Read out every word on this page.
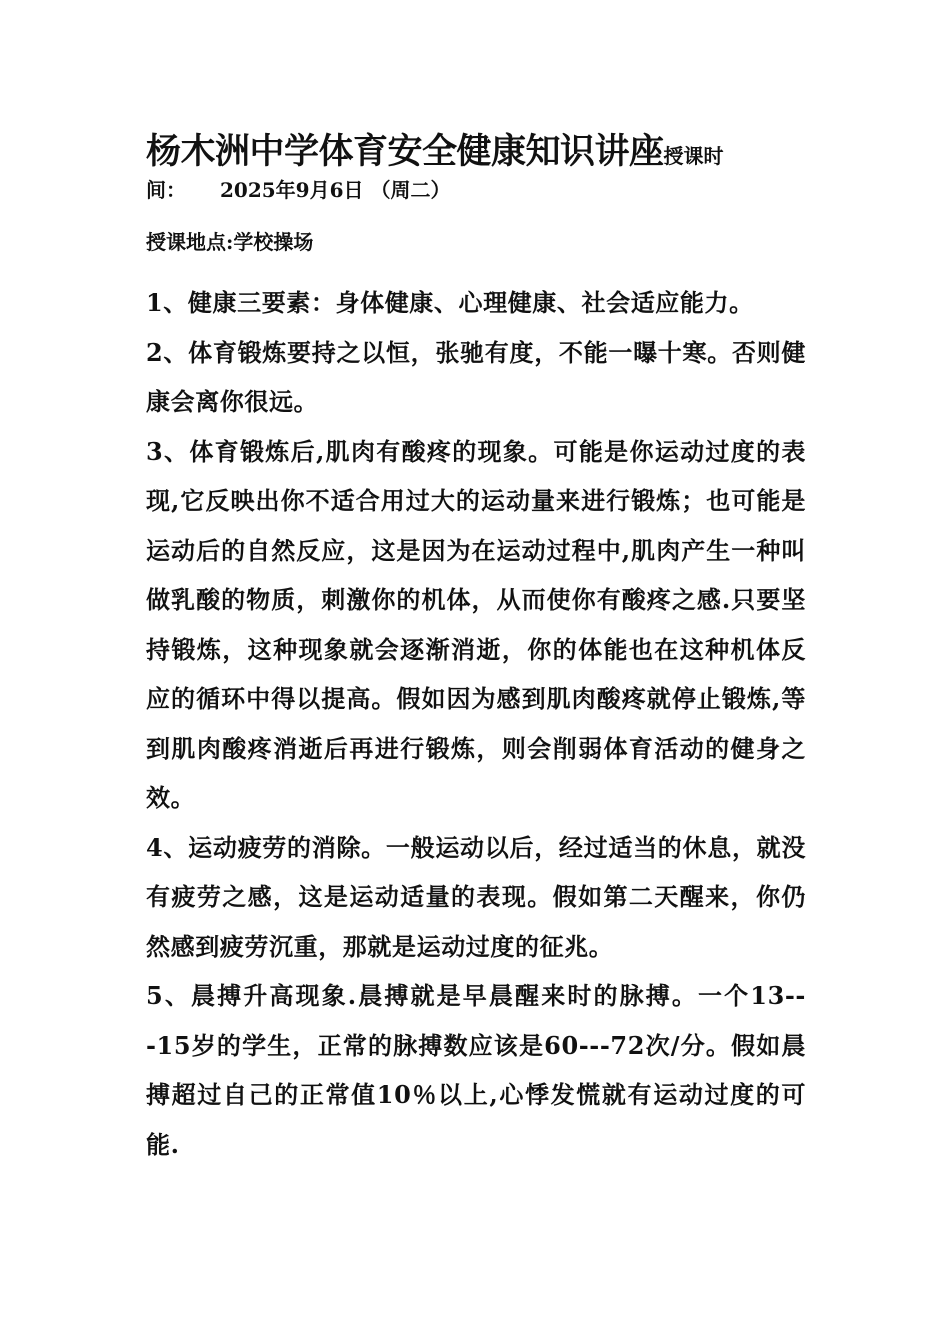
杨木洲中学体育安全健康知识讲座授课时
间： 2025年9月6日 （周二）
授课地点:学校操场

1、健康三要素：身体健康、心理健康、社会适应能力。

2、体育锻炼要持之以恒，张驰有度，不能一曝十寒。否则健康会离你很远。

3、体育锻炼后,肌肉有酸疼的现象。可能是你运动过度的表现,它反映出你不适合用过大的运动量来进行锻炼；也可能是运动后的自然反应，这是因为在运动过程中,肌肉产生一种叫做乳酸的物质，刺激你的机体，从而使你有酸疼之感.只要坚持锻炼，这种现象就会逐渐消逝，你的体能也在这种机体反应的循环中得以提高。假如因为感到肌肉酸疼就停止锻炼,等到肌肉酸疼消逝后再进行锻炼，则会削弱体育活动的健身之效。

4、运动疲劳的消除。一般运动以后，经过适当的休息，就没有疲劳之感，这是运动适量的表现。假如第二天醒来，你仍然感到疲劳沉重，那就是运动过度的征兆。

5、晨搏升高现象.晨搏就是早晨醒来时的脉搏。一个13---15岁的学生，正常的脉搏数应该是60---72次/分。假如晨搏超过自己的正常值10％以上,心悸发慌就有运动过度的可能.
